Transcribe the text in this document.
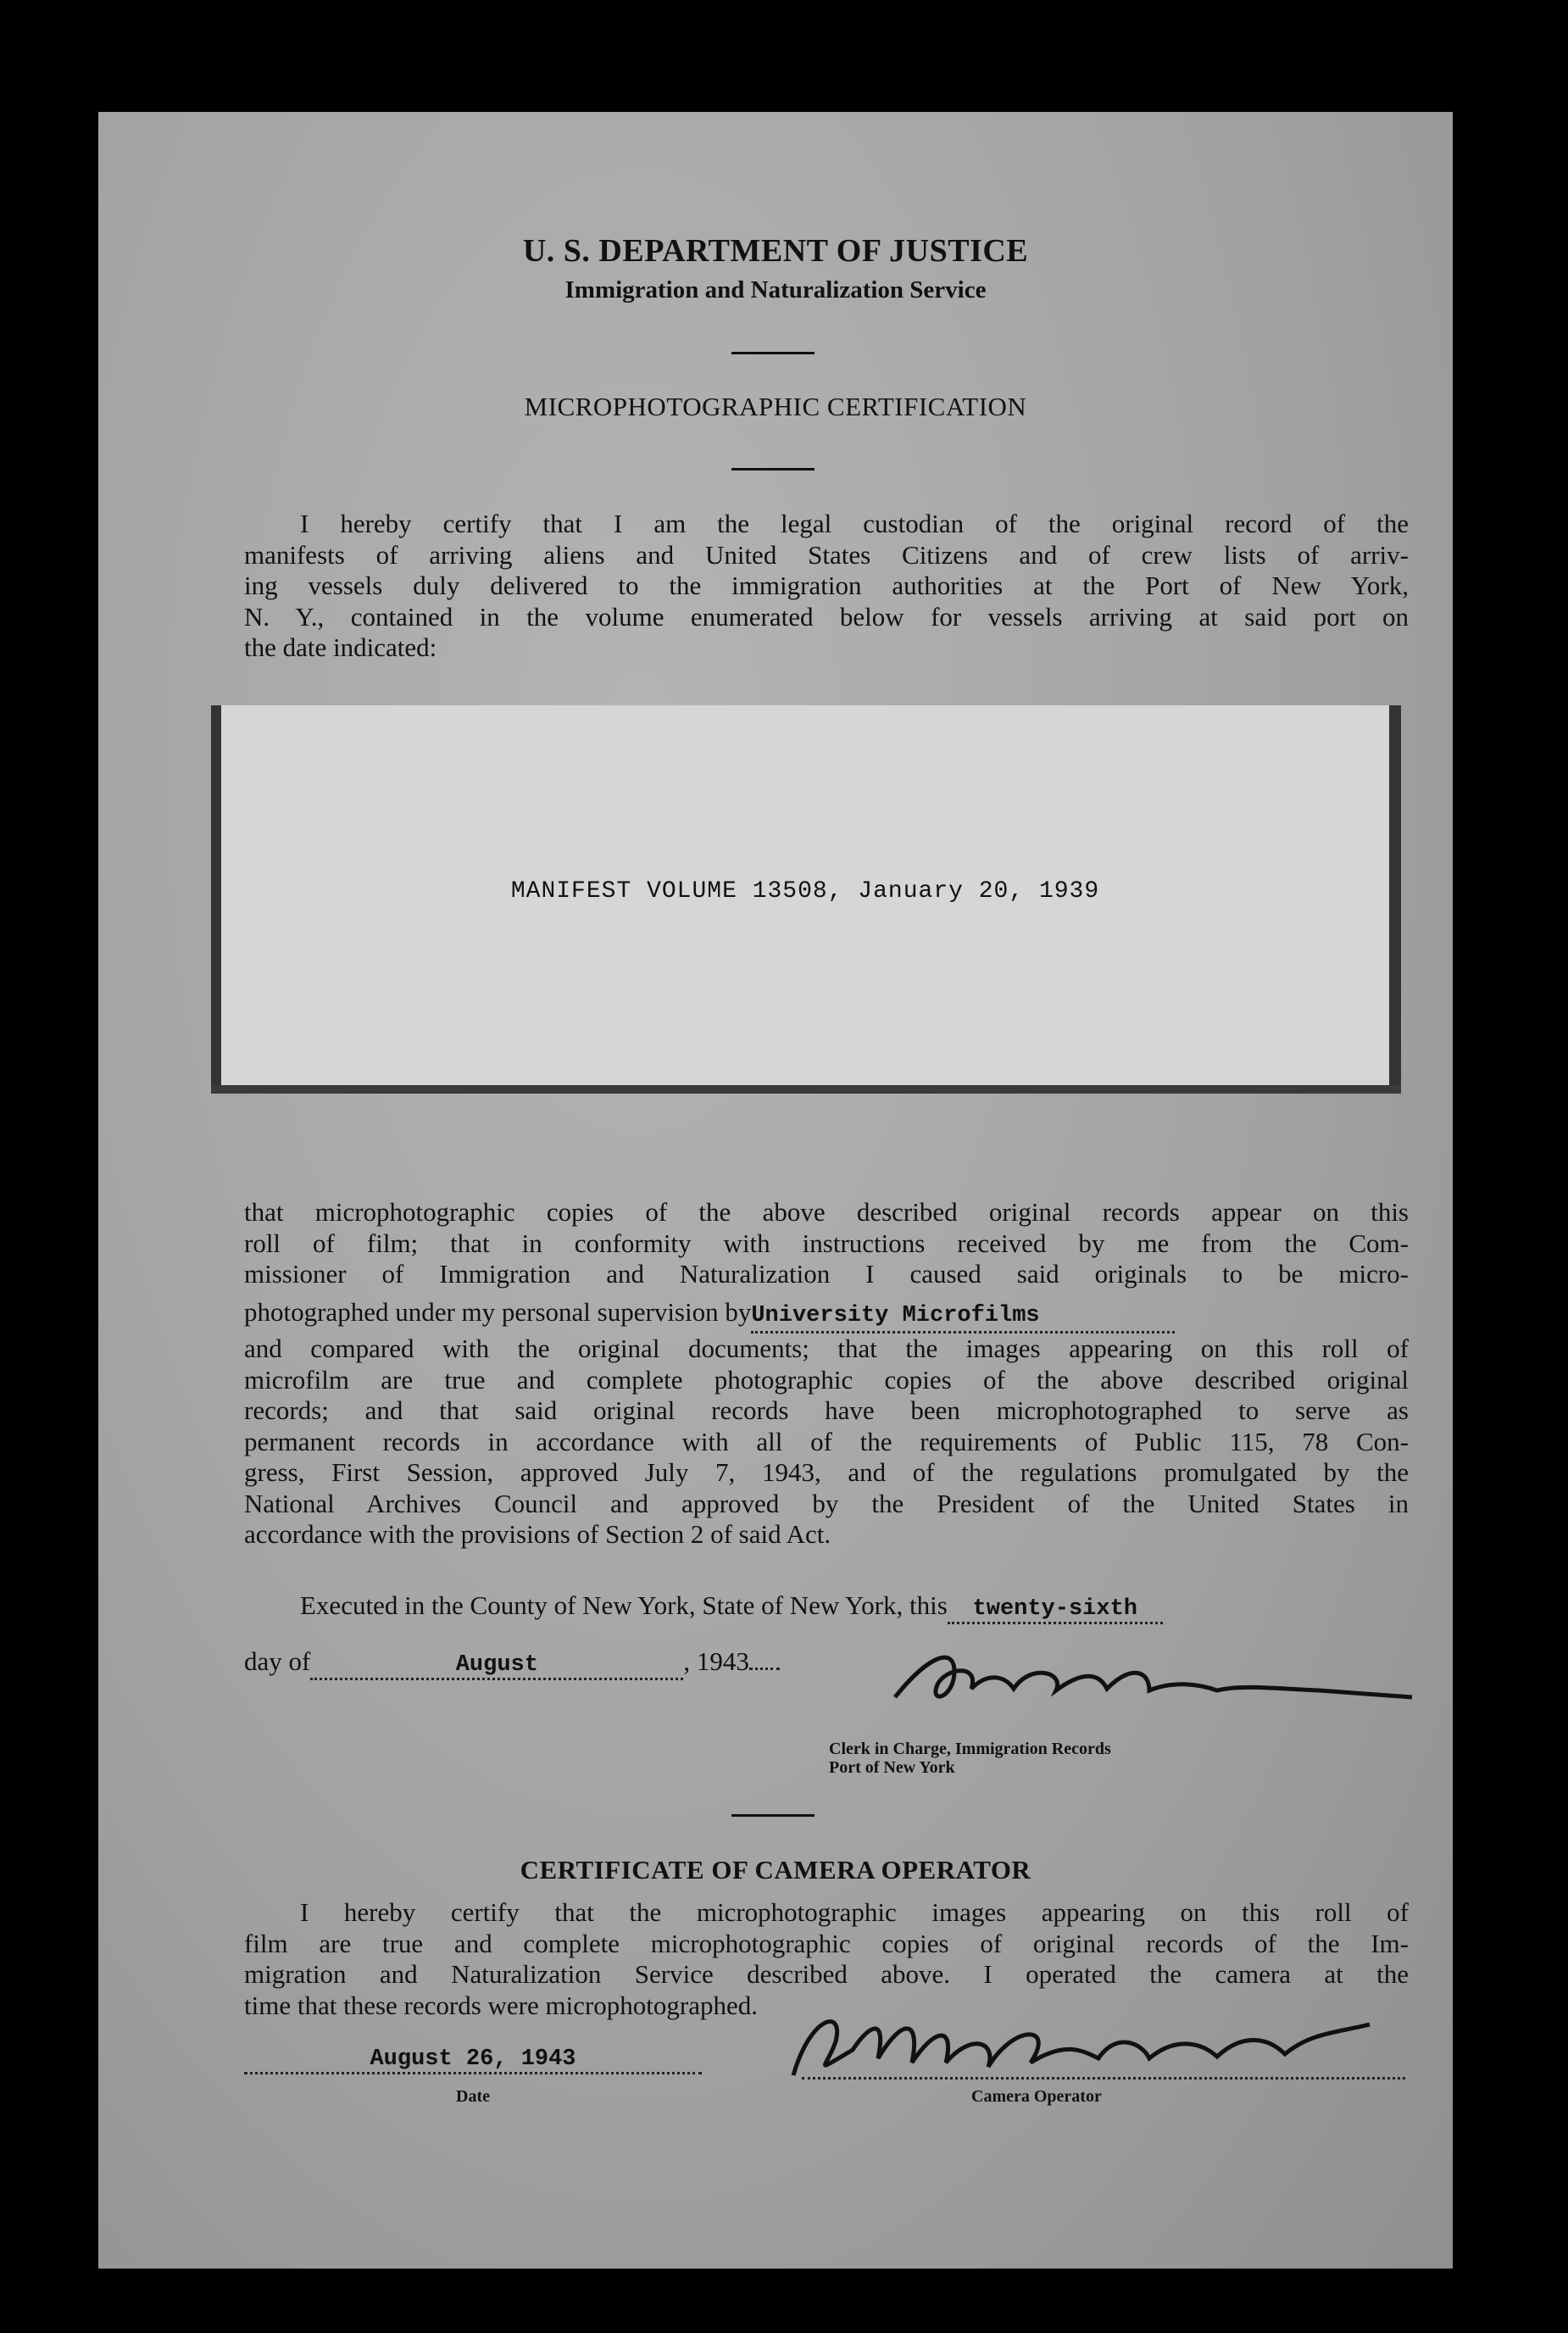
U. S. DEPARTMENT OF JUSTICE
Immigration and Naturalization Service
MICROPHOTOGRAPHIC CERTIFICATION
I hereby certify that I am the legal custodian of the original record of the
manifests of arriving aliens and United States Citizens and of crew lists of arriv-
ing vessels duly delivered to the immigration authorities at the Port of New York,
N. Y., contained in the volume enumerated below for vessels arriving at said port on
the date indicated:
MANIFEST VOLUME 13508, January 20, 1939
that microphotographic copies of the above described original records appear on this
roll of film; that in conformity with instructions received by me from the Com-
missioner of Immigration and Naturalization I caused said originals to be micro-
photographed under my personal supervision byUniversity Microfilms
and compared with the original documents; that the images appearing on this roll of
microfilm are true and complete photographic copies of the above described original
records; and that said original records have been microphotographed to serve as
permanent records in accordance with all of the requirements of Public 115, 78 Con-
gress, First Session, approved July 7, 1943, and of the regulations promulgated by the
National Archives Council and approved by the President of the United States in
accordance with the provisions of Section 2 of said Act.
Executed in the County of New York, State of New York, this twenty-sixth
day of	August	, 1943
Clerk in Charge, Immigration Records
Port of New York
CERTIFICATE OF CAMERA OPERATOR
I hereby certify that the microphotographic images appearing on this roll of
film are true and complete microphotographic copies of original records of the Im-
migration and Naturalization Service described above. I operated the camera at the
time that these records were microphotographed.
August 26, 1943
Date	Camera Operator
